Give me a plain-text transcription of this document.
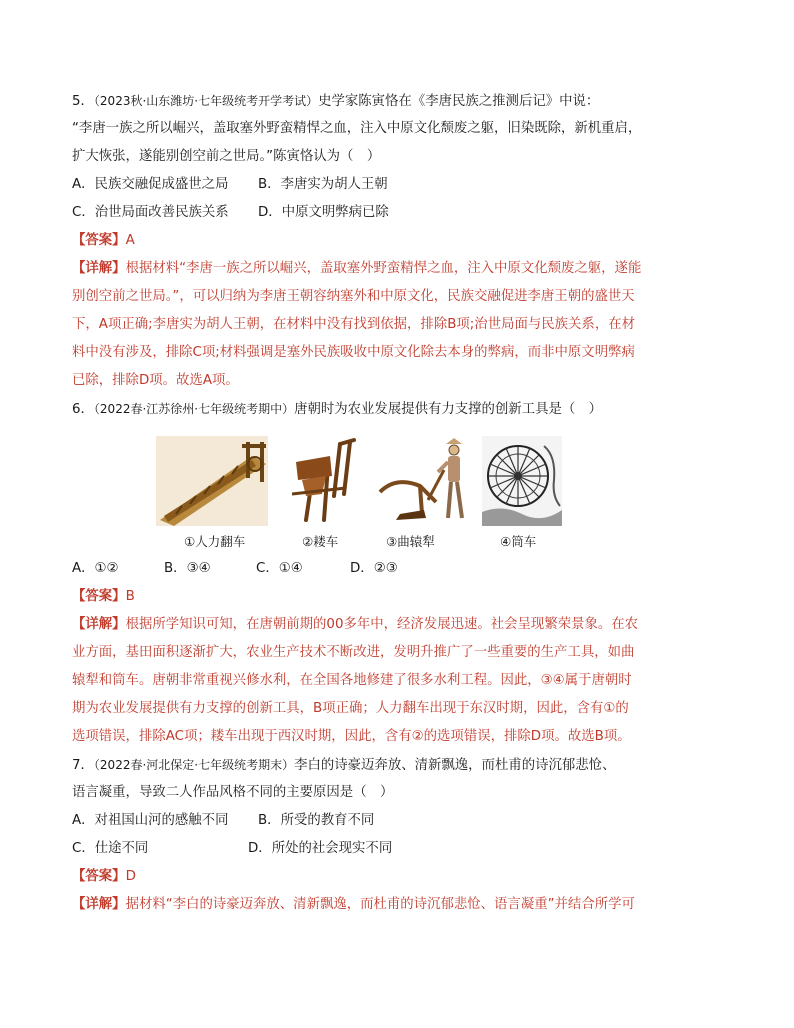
5．（2023秋·山东潍坊·七年级统考开学考试）史学家陈寅恪在《李唐民族之推测后记》中说：
“李唐一族之所以崛兴，盖取塞外野蛮精悍之血，注入中原文化颓废之躯，旧染既除，新机重启，
扩大恢张，遂能别创空前之世局。”陈寅恪认为（　）
A．民族交融促成盛世之局 B．李唐实为胡人王朝
C．治世局面改善民族关系 D．中原文明弊病已除
【答案】A
【详解】根据材料“李唐一族之所以崛兴，盖取塞外野蛮精悍之血，注入中原文化颓废之躯，遂能
别创空前之世局。”，可以归纳为李唐王朝容纳塞外和中原文化，民族交融促进李唐王朝的盛世天
下，A项正确;李唐实为胡人王朝，在材料中没有找到依据，排除B项;治世局面与民族关系，在材
料中没有涉及，排除C项;材料强调是塞外民族吸收中原文化除去本身的弊病，而非中原文明弊病
已除，排除D项。故选A项。
6．（2022春·江苏徐州·七年级统考期中）唐朝时为农业发展提供有力支撑的创新工具是（　）
①人力翻车	②耧车	③曲辕犁	④筒车
A．①②	B．③④	C．①④	D．②③
【答案】B
【详解】根据所学知识可知，在唐朝前期的00多年中，经济发展迅速。社会呈现繁荣景象。在农
业方面，基田面积逐渐扩大，农业生产技术不断改进，发明升推广了一些重要的生产工具，如曲
辕犁和筒车。唐朝非常重视兴修水利，在全国各地修建了很多水利工程。因此，③④属于唐朝时
期为农业发展提供有力支撑的创新工具，B项正确；人力翻车出现于东汉时期，因此，含有①的
选项错误，排除AC项；耧车出现于西汉时期，因此，含有②的选项错误，排除D项。故选B项。
7．（2022春·河北保定·七年级统考期末）李白的诗豪迈奔放、清新飘逸，而杜甫的诗沉郁悲怆、
语言凝重，导致二人作品风格不同的主要原因是（　）
A．对祖国山河的感触不同 B．所受的教育不同
C．仕途不同	D．所处的社会现实不同
【答案】D
【详解】据材料“李白的诗豪迈奔放、清新飘逸，而杜甫的诗沉郁悲怆、语言凝重”并结合所学可
